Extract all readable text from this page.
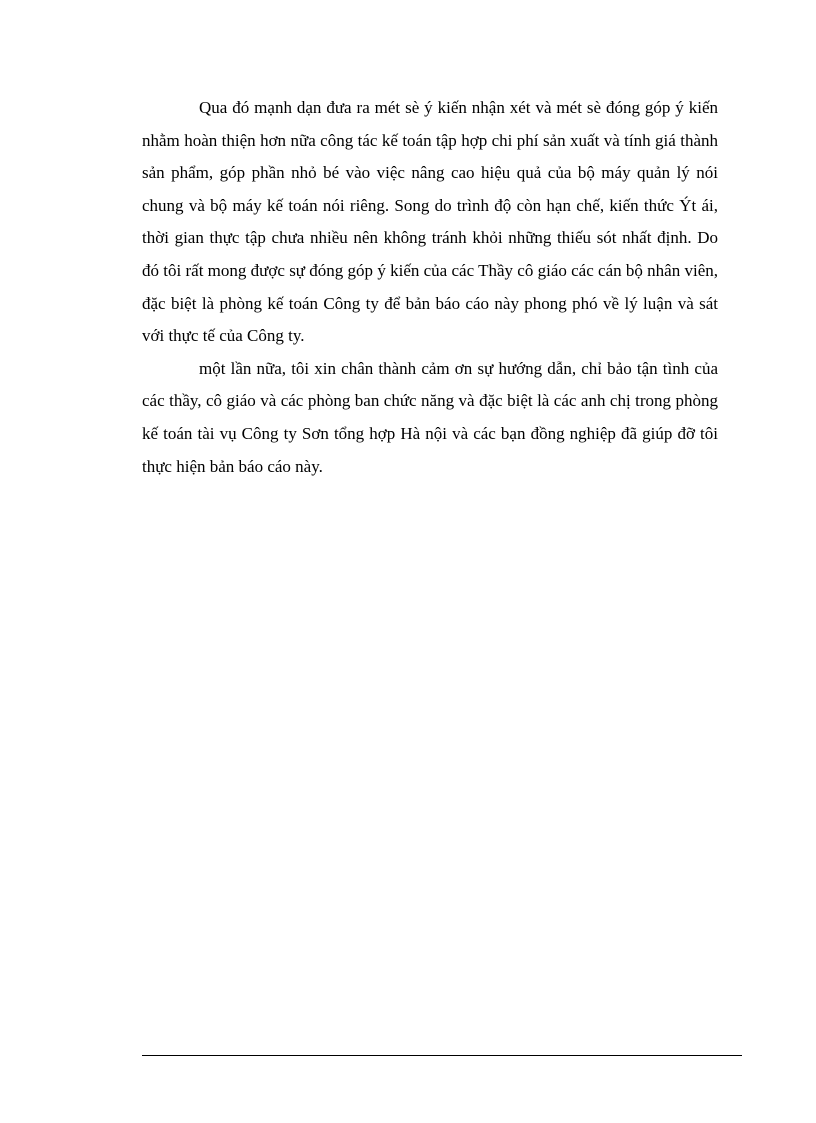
Qua đó mạnh dạn đưa ra mét sè ý kiến nhận xét và mét sè đóng góp ý kiến nhằm hoàn thiện hơn nữa công tác kế toán tập hợp chi phí sản xuất và tính giá thành sản phẩm, góp phần nhỏ bé vào việc nâng cao hiệu quả của bộ máy quản lý nói chung và bộ máy kế toán nói riêng. Song do trình độ còn hạn chế, kiến thức Ýt ái, thời gian thực tập chưa nhiều nên không tránh khỏi những thiếu sót nhất định. Do đó tôi rất mong được sự đóng góp ý kiến của các Thầy cô giáo các cán bộ nhân viên, đặc biệt là phòng kế toán Công ty để bản báo cáo này phong phó về lý luận và sát với thực tế của Công ty.

một lần nữa, tôi xin chân thành cảm ơn sự hướng dẫn, chỉ bảo tận tình của các thầy, cô giáo và các phòng ban chức năng và đặc biệt là các anh chị trong phòng kế toán tài vụ Công ty Sơn tổng hợp Hà nội và các bạn đồng nghiệp đã giúp đỡ tôi thực hiện bản báo cáo này.
